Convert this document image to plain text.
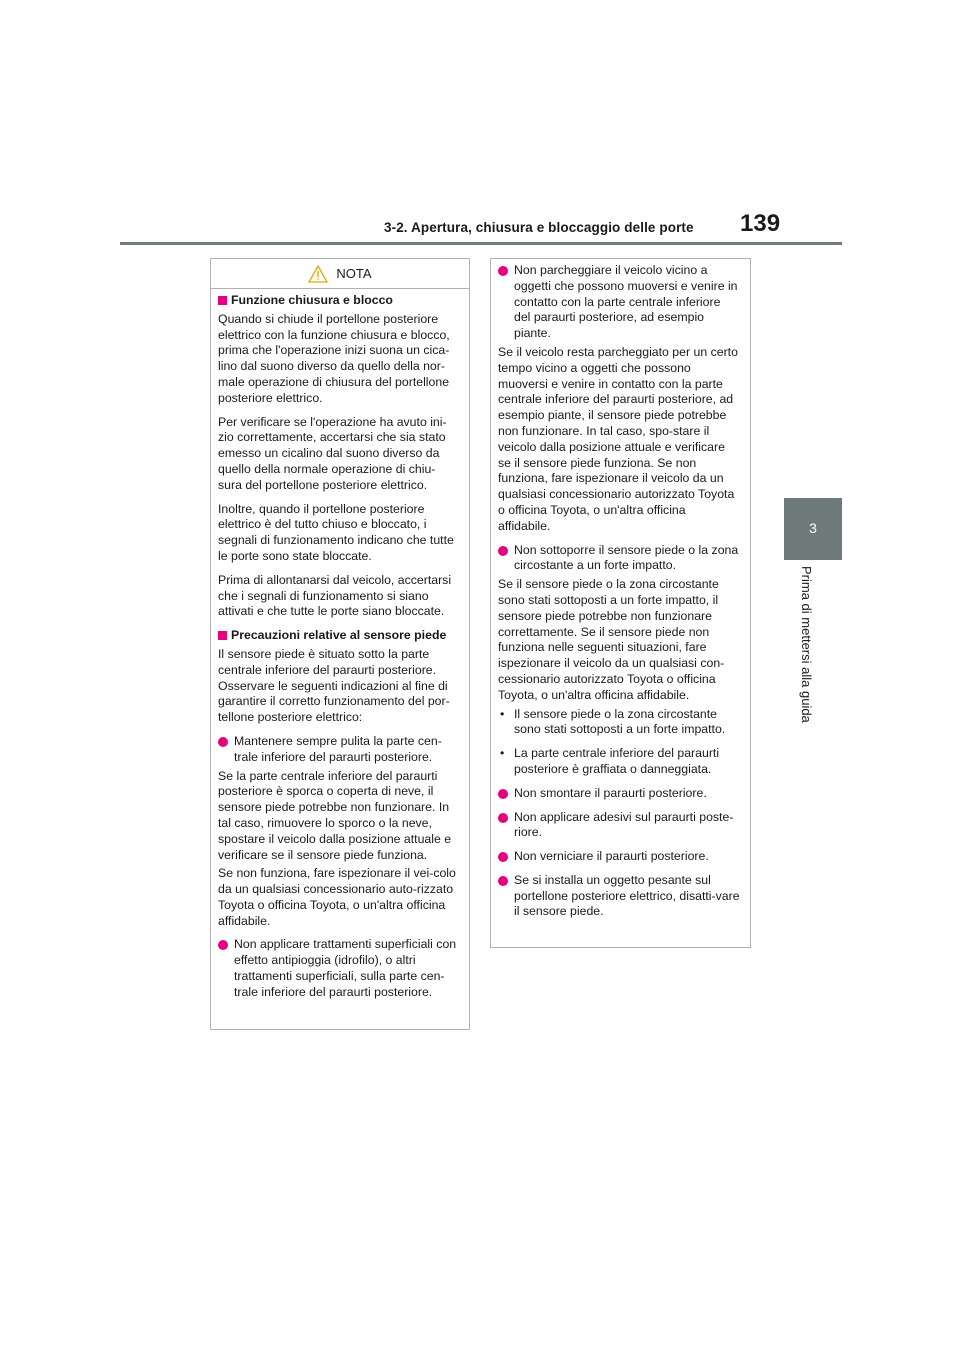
3-2. Apertura, chiusura e bloccaggio delle porte 139
3
Prima di mettersi alla guida
NOTA
Funzione chiusura e blocco

Quando si chiude il portellone posteriore elettrico con la funzione chiusura e blocco, prima che l'operazione inizi suona un cica-lino dal suono diverso da quello della nor-male operazione di chiusura del portellone posteriore elettrico.

Per verificare se l'operazione ha avuto ini-zio correttamente, accertarsi che sia stato emesso un cicalino dal suono diverso da quello della normale operazione di chiu-sura del portellone posteriore elettrico.

Inoltre, quando il portellone posteriore elettrico è del tutto chiuso e bloccato, i segnali di funzionamento indicano che tutte le porte sono state bloccate.

Prima di allontanarsi dal veicolo, accertarsi che i segnali di funzionamento si siano attivati e che tutte le porte siano bloccate.

Precauzioni relative al sensore piede

Il sensore piede è situato sotto la parte centrale inferiore del paraurti posteriore. Osservare le seguenti indicazioni al fine di garantire il corretto funzionamento del por-tellone posteriore elettrico:

Mantenere sempre pulita la parte cen-trale inferiore del paraurti posteriore.

Se la parte centrale inferiore del paraurti posteriore è sporca o coperta di neve, il sensore piede potrebbe non funzionare. In tal caso, rimuovere lo sporco o la neve, spostare il veicolo dalla posizione attuale e verificare se il sensore piede funziona.

Se non funziona, fare ispezionare il vei-colo da un qualsiasi concessionario auto-rizzato Toyota o officina Toyota, o un'altra officina affidabile.

Non applicare trattamenti superficiali con effetto antipioggia (idrofilo), o altri trattamenti superficiali, sulla parte cen-trale inferiore del paraurti posteriore.
Non parcheggiare il veicolo vicino a oggetti che possono muoversi e venire in contatto con la parte centrale inferiore del paraurti posteriore, ad esempio piante.

Se il veicolo resta parcheggiato per un certo tempo vicino a oggetti che possono muoversi e venire in contatto con la parte centrale inferiore del paraurti posteriore, ad esempio piante, il sensore piede potrebbe non funzionare. In tal caso, spo-stare il veicolo dalla posizione attuale e verificare se il sensore piede funziona. Se non funziona, fare ispezionare il veicolo da un qualsiasi concessionario autorizzato Toyota o officina Toyota, o un'altra officina affidabile.

Non sottoporre il sensore piede o la zona circostante a un forte impatto.

Se il sensore piede o la zona circostante sono stati sottoposti a un forte impatto, il sensore piede potrebbe non funzionare correttamente. Se il sensore piede non funziona nelle seguenti situazioni, fare ispezionare il veicolo da un qualsiasi con-cessionario autorizzato Toyota o officina Toyota, o un'altra officina affidabile.

• Il sensore piede o la zona circostante sono stati sottoposti a un forte impatto.
• La parte centrale inferiore del paraurti posteriore è graffiata o danneggiata.
Non smontare il paraurti posteriore.
Non applicare adesivi sul paraurti poste-riore.
Non verniciare il paraurti posteriore.
Se si installa un oggetto pesante sul portellone posteriore elettrico, disatti-vare il sensore piede.
